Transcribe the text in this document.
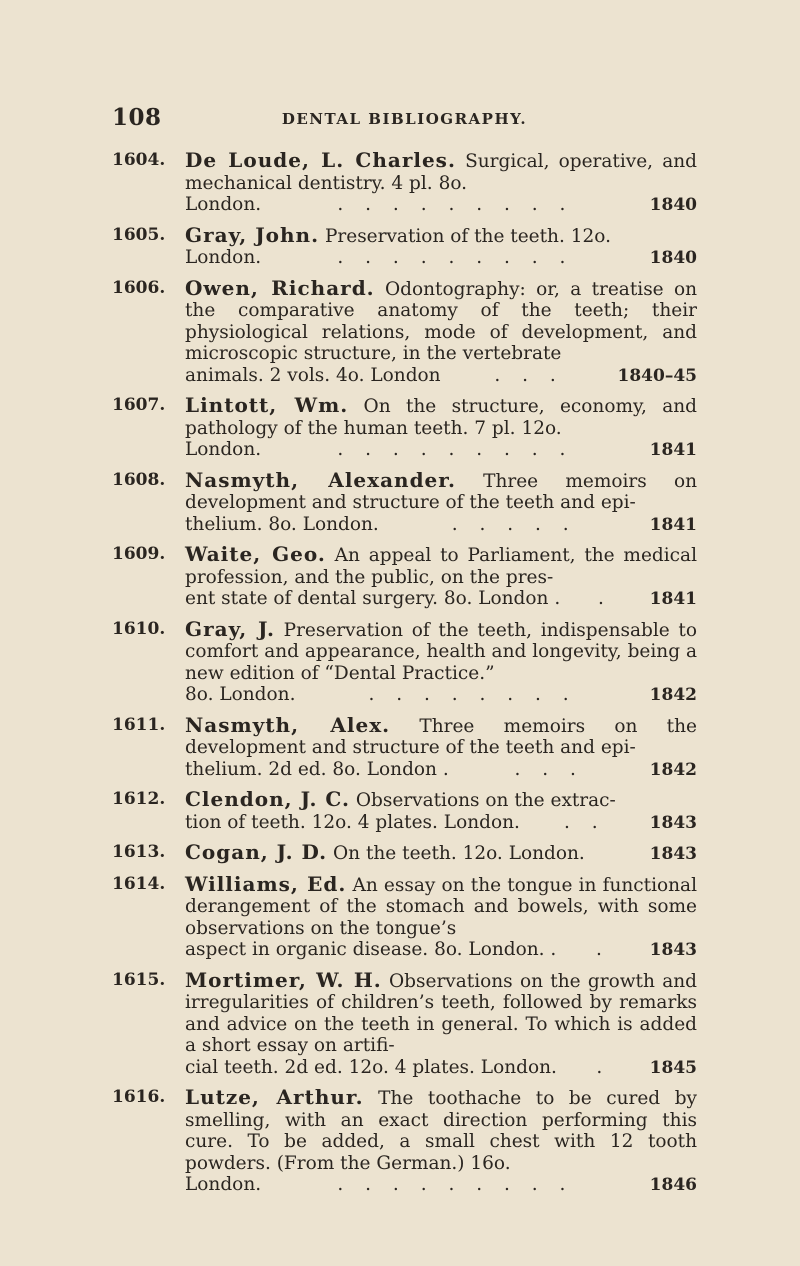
108	DENTAL BIBLIOGRAPHY.
1604. De Loude, L. Charles. Surgical, operative, and mechanical dentistry. 4 pl. 8o.
London.	. . . . . . . . .	1840
1605. Gray, John. Preservation of the teeth. 12o.
London.	. . . . . . . . .	1840
1606. Owen, Richard. Odontography: or, a treatise on the comparative anatomy of the teeth; their physiological relations, mode of development, and microscopic structure, in the vertebrate
animals. 2 vols. 4o. London	. . .	1840–45
1607. Lintott, Wm. On the structure, economy, and pathology of the human teeth. 7 pl. 12o.
London.	. . . . . . . . .	1841
1608. Nasmyth, Alexander. Three memoirs on development and structure of the teeth and epi-
thelium. 8o. London.	. . . . .	1841
1609. Waite, Geo. An appeal to Parliament, the medical profession, and the public, on the pres-
ent state of dental surgery. 8o. London .	.	1841
1610. Gray, J. Preservation of the teeth, indispensable to comfort and appearance, health and longevity, being a new edition of “Dental Practice.”
8o. London.	. . . . . . . .	1842
1611. Nasmyth, Alex. Three memoirs on the development and structure of the teeth and epi-
thelium. 2d ed. 8o. London .	. . .	1842
1612. Clendon, J. C. Observations on the extrac-
tion of teeth. 12o. 4 plates. London.	. .	1843
1613. Cogan, J. D. On the teeth. 12o. London.	1843
1614. Williams, Ed. An essay on the tongue in functional derangement of the stomach and bowels, with some observations on the tongue’s
aspect in organic disease. 8o. London. .	.	1843
1615. Mortimer, W. H. Observations on the growth and irregularities of children’s teeth, followed by remarks and advice on the teeth in general. To which is added a short essay on artifi-
cial teeth. 2d ed. 12o. 4 plates. London.	.	1845
1616. Lutze, Arthur. The toothache to be cured by smelling, with an exact direction performing this cure. To be added, a small chest with 12 tooth powders. (From the German.) 16o.
London.	. . . . . . . . .	1846
